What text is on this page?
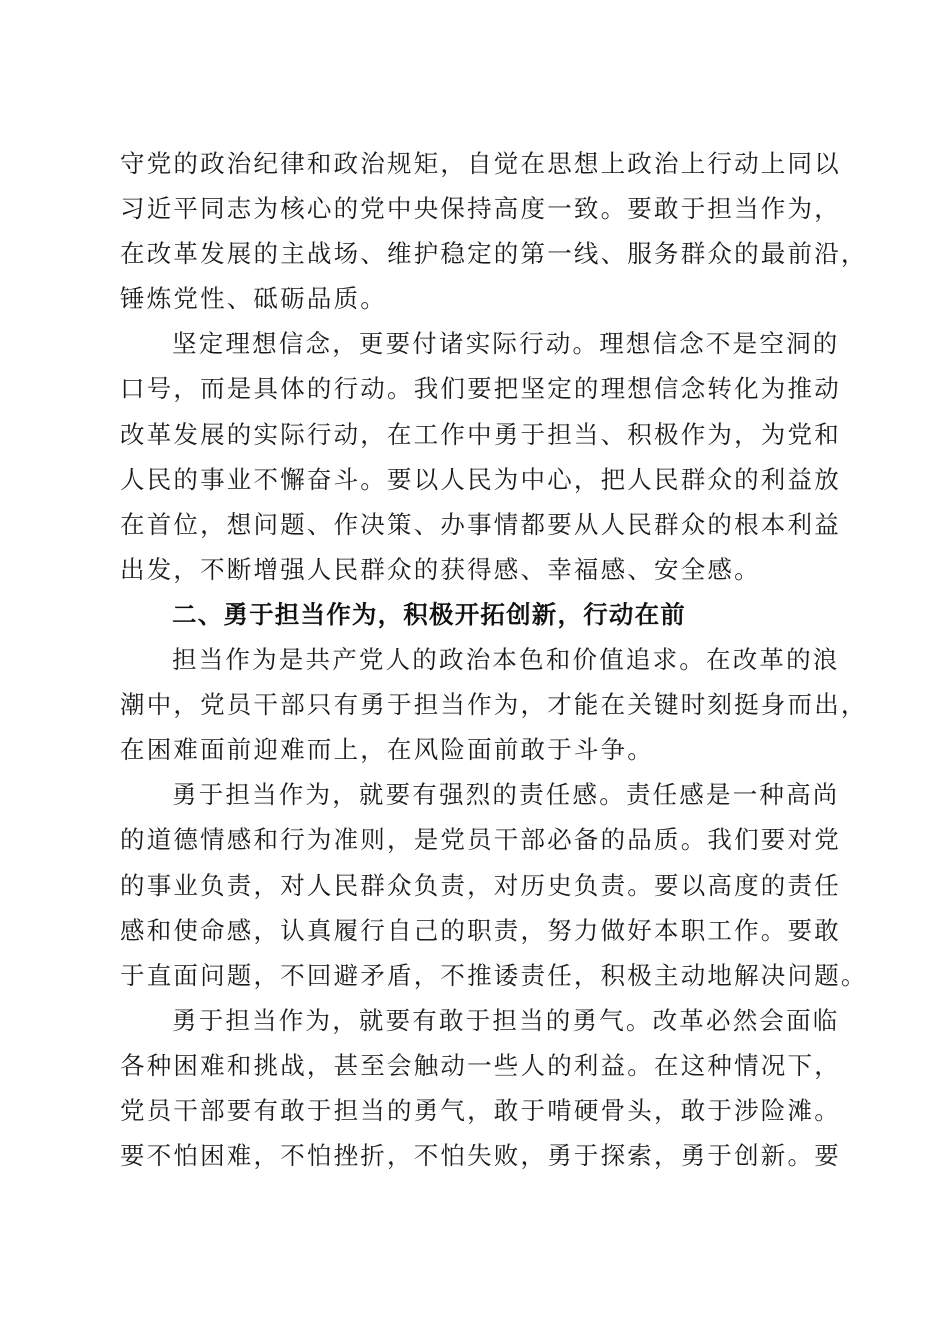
守党的政治纪律和政治规矩，自觉在思想上政治上行动上同以
习近平同志为核心的党中央保持高度一致。要敢于担当作为，
在改革发展的主战场、维护稳定的第一线、服务群众的最前沿，
锤炼党性、砥砺品质。
坚定理想信念，更要付诸实际行动。理想信念不是空洞的
口号，而是具体的行动。我们要把坚定的理想信念转化为推动
改革发展的实际行动，在工作中勇于担当、积极作为，为党和
人民的事业不懈奋斗。要以人民为中心，把人民群众的利益放
在首位，想问题、作决策、办事情都要从人民群众的根本利益
出发，不断增强人民群众的获得感、幸福感、安全感。
二、勇于担当作为，积极开拓创新，行动在前
担当作为是共产党人的政治本色和价值追求。在改革的浪
潮中，党员干部只有勇于担当作为，才能在关键时刻挺身而出，
在困难面前迎难而上，在风险面前敢于斗争。
勇于担当作为，就要有强烈的责任感。责任感是一种高尚
的道德情感和行为准则，是党员干部必备的品质。我们要对党
的事业负责，对人民群众负责，对历史负责。要以高度的责任
感和使命感，认真履行自己的职责，努力做好本职工作。要敢
于直面问题，不回避矛盾，不推诿责任，积极主动地解决问题。
勇于担当作为，就要有敢于担当的勇气。改革必然会面临
各种困难和挑战，甚至会触动一些人的利益。在这种情况下，
党员干部要有敢于担当的勇气，敢于啃硬骨头，敢于涉险滩。
要不怕困难，不怕挫折，不怕失败，勇于探索，勇于创新。要
